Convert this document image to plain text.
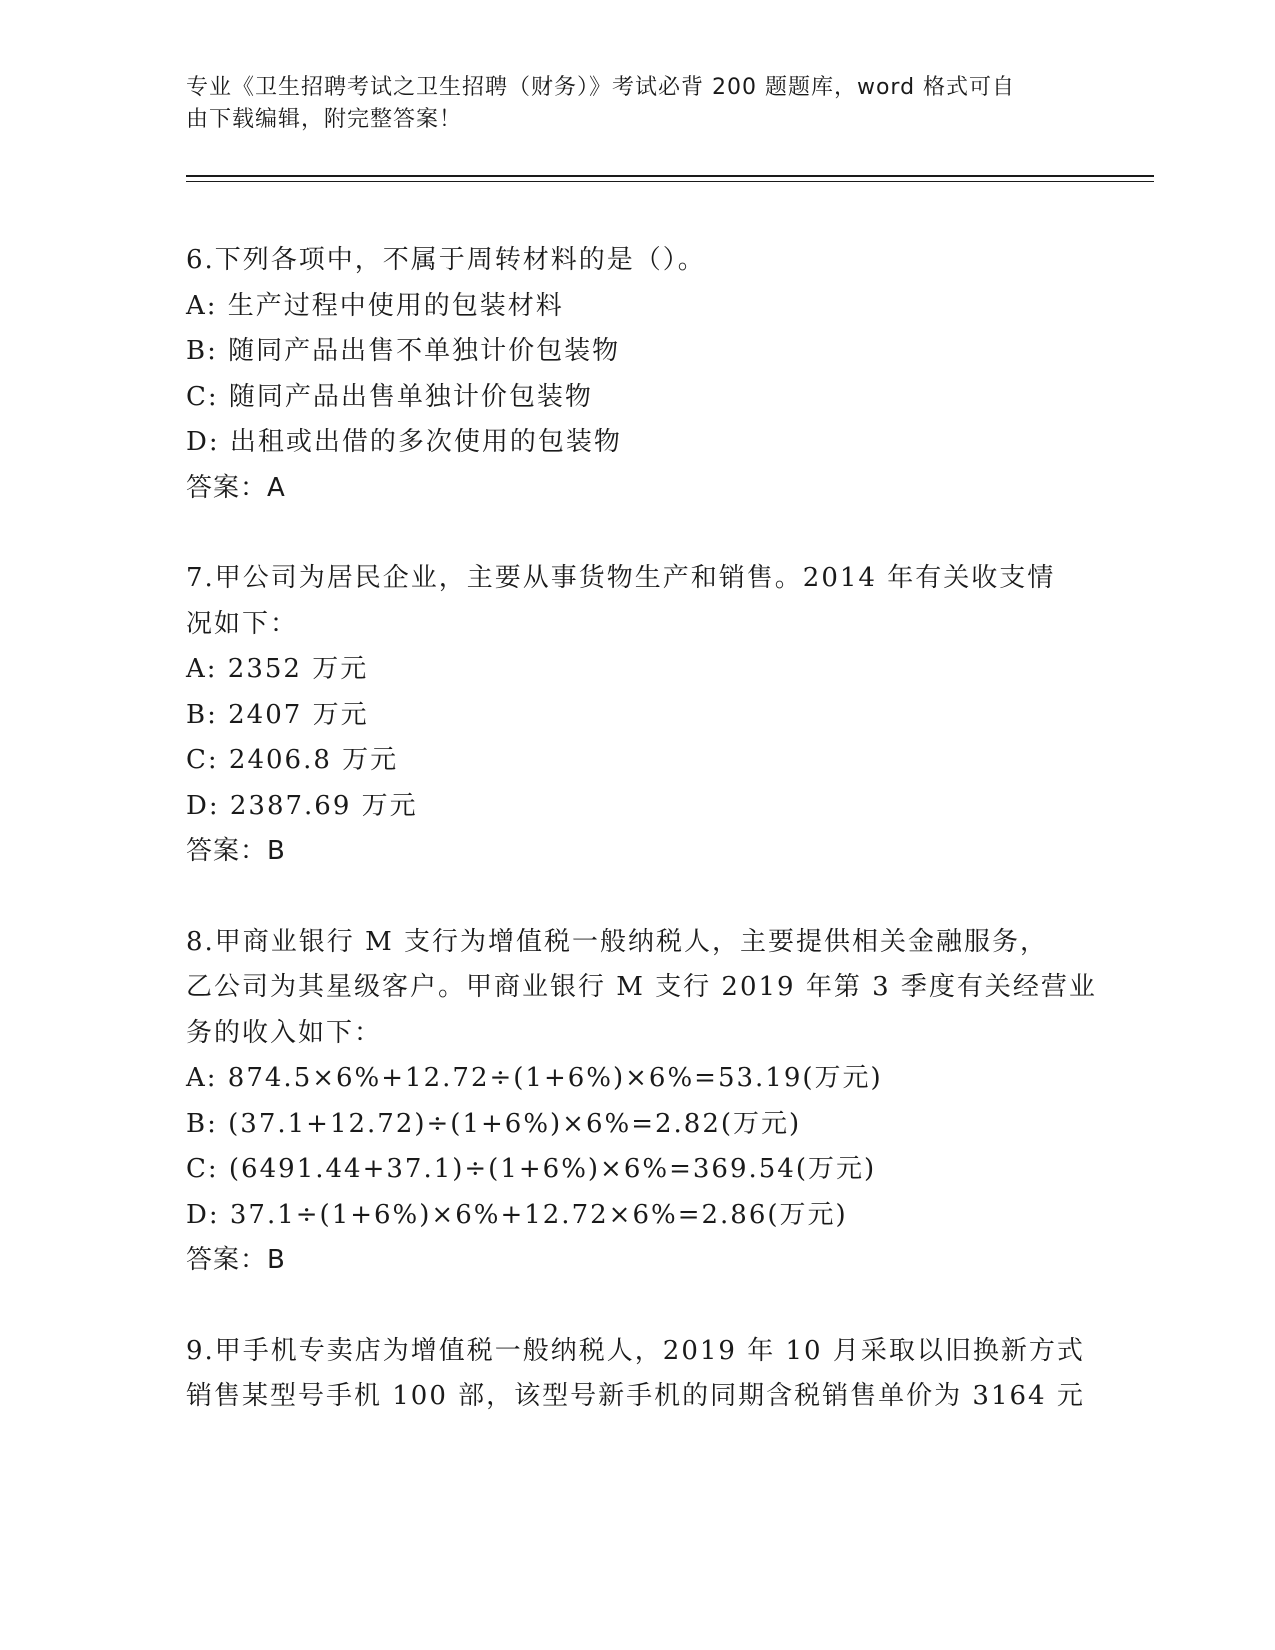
专业《卫生招聘考试之卫生招聘（财务）》考试必背 200 题题库，word 格式可自
由下载编辑，附完整答案！
6.下列各项中，不属于周转材料的是（）。
A: 生产过程中使用的包装材料
B: 随同产品出售不单独计价包装物
C: 随同产品出售单独计价包装物
D: 出租或出借的多次使用的包装物
答案：A
7.甲公司为居民企业，主要从事货物生产和销售。2014 年有关收支情
况如下：
A: 2352 万元
B: 2407 万元
C: 2406.8 万元
D: 2387.69 万元
答案：B
8.甲商业银行 M 支行为增值税一般纳税人，主要提供相关金融服务，
乙公司为其星级客户。甲商业银行 M 支行 2019 年第 3 季度有关经营业
务的收入如下：
A: 874.5×6%+12.72÷(1+6%)×6%=53.19(万元)
B: (37.1+12.72)÷(1+6%)×6%=2.82(万元)
C: (6491.44+37.1)÷(1+6%)×6%=369.54(万元)
D: 37.1÷(1+6%)×6%+12.72×6%=2.86(万元)
答案：B
9.甲手机专卖店为增值税一般纳税人，2019 年 10 月采取以旧换新方式
销售某型号手机 100 部，该型号新手机的同期含税销售单价为 3164 元
